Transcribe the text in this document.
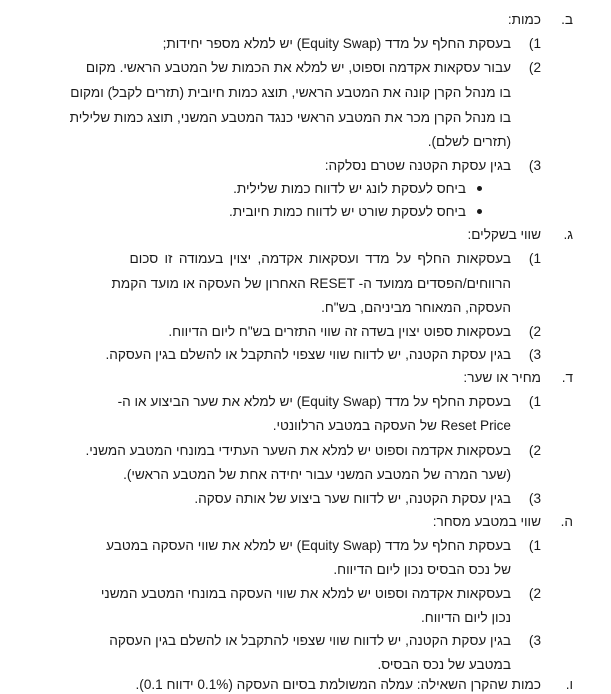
ב.
כמות:
1)
בעסקת החלף על מדד (Equity Swap) יש למלא מספר יחידות;
2)
עבור עסקאות אקדמה וספוט, יש למלא את הכמות של המטבע הראשי. מקום
בו מנהל הקרן קונה את המטבע הראשי, תוצג כמות חיובית (תזרים לקבל) ומקום
בו מנהל הקרן מכר את המטבע הראשי כנגד המטבע המשני, תוצג כמות שלילית
(תזרים לשלם).
3)
בגין עסקת הקטנה שטרם נסלקה:
ביחס לעסקת לונג יש לדווח כמות שלילית.
ביחס לעסקת שורט יש לדווח כמות חיובית.
ג.
שווי בשקלים:
1)
בעסקאות החלף על מדד ועסקאות אקדמה, יצוין בעמודה זו סכום
הרווחים/הפסדים ממועד ה- RESET האחרון של העסקה או מועד הקמת
העסקה, המאוחר מביניהם, בש"ח.
2)
בעסקאות ספוט יצוין בשדה זה שווי התזרים בש"ח ליום הדיווח.
3)
בגין עסקת הקטנה, יש לדווח שווי שצפוי להתקבל או להשלם בגין העסקה.
ד.
מחיר או שער:
1)
בעסקת החלף על מדד (Equity Swap) יש למלא את שער הביצוע או ה-
Reset Price של העסקה במטבע הרלוונטי.
2)
בעסקאות אקדמה וספוט יש למלא את השער העתידי במונחי המטבע המשני.
(שער המרה של המטבע המשני עבור יחידה אחת של המטבע הראשי).
3)
בגין עסקת הקטנה, יש לדווח שער ביצוע של אותה עסקה.
ה.
שווי במטבע מסחר:
1)
בעסקת החלף על מדד (Equity Swap) יש למלא את שווי העסקה במטבע
של נכס הבסיס נכון ליום הדיווח.
2)
בעסקאות אקדמה וספוט יש למלא את שווי העסקה במונחי המטבע המשני
נכון ליום הדיווח.
3)
בגין עסקת הקטנה, יש לדווח שווי שצפוי להתקבל או להשלם בגין העסקה
במטבע של נכס הבסיס.
ו.
כמות שהקרן השאילה: עמלה המשולמת בסיום העסקה (0.1% ידווח 0.1).
